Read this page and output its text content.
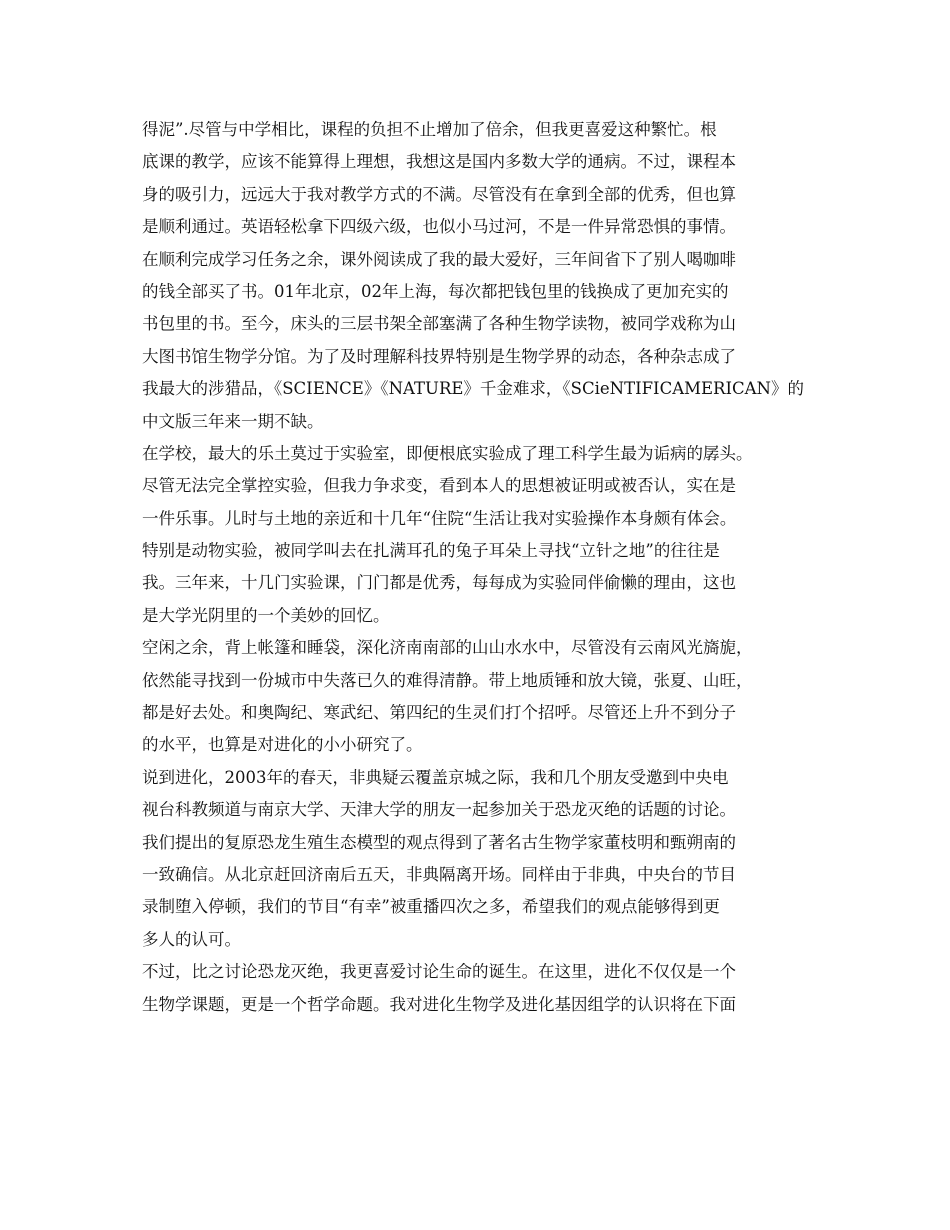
得泥”.尽管与中学相比，课程的负担不止增加了倍余，但我更喜爱这种繁忙。根
底课的教学，应该不能算得上理想，我想这是国内多数大学的通病。不过，课程本
身的吸引力，远远大于我对教学方式的不满。尽管没有在拿到全部的优秀，但也算
是顺利通过。英语轻松拿下四级六级，也似小马过河，不是一件异常恐惧的事情。
在顺利完成学习任务之余，课外阅读成了我的最大爱好，三年间省下了别人喝咖啡
的钱全部买了书。01年北京，02年上海，每次都把钱包里的钱换成了更加充实的
书包里的书。至今，床头的三层书架全部塞满了各种生物学读物，被同学戏称为山
大图书馆生物学分馆。为了及时理解科技界特别是生物学界的动态，各种杂志成了
我最大的涉猎品，《SCIENCE》《NATURE》千金难求，《SCieNTIFICAMERICAN》的
中文版三年来一期不缺。
在学校，最大的乐土莫过于实验室，即便根底实验成了理工科学生最为诟病的孱头。
尽管无法完全掌控实验，但我力争求变，看到本人的思想被证明或被否认，实在是
一件乐事。儿时与土地的亲近和十几年“住院“生活让我对实验操作本身颇有体会。
特别是动物实验，被同学叫去在扎满耳孔的兔子耳朵上寻找“立针之地”的往往是
我。三年来，十几门实验课，门门都是优秀，每每成为实验同伴偷懒的理由，这也
是大学光阴里的一个美妙的回忆。
空闲之余，背上帐篷和睡袋，深化济南南部的山山水水中，尽管没有云南风光旖旎，
依然能寻找到一份城市中失落已久的难得清静。带上地质锤和放大镜，张夏、山旺，
都是好去处。和奥陶纪、寒武纪、第四纪的生灵们打个招呼。尽管还上升不到分子
的水平，也算是对进化的小小研究了。
说到进化，2003年的春天，非典疑云覆盖京城之际，我和几个朋友受邀到中央电
视台科教频道与南京大学、天津大学的朋友一起参加关于恐龙灭绝的话题的讨论。
我们提出的复原恐龙生殖生态模型的观点得到了著名古生物学家董枝明和甄朔南的
一致确信。从北京赶回济南后五天，非典隔离开场。同样由于非典，中央台的节目
录制堕入停顿，我们的节目“有幸”被重播四次之多，希望我们的观点能够得到更
多人的认可。
不过，比之讨论恐龙灭绝，我更喜爱讨论生命的诞生。在这里，进化不仅仅是一个
生物学课题，更是一个哲学命题。我对进化生物学及进化基因组学的认识将在下面
